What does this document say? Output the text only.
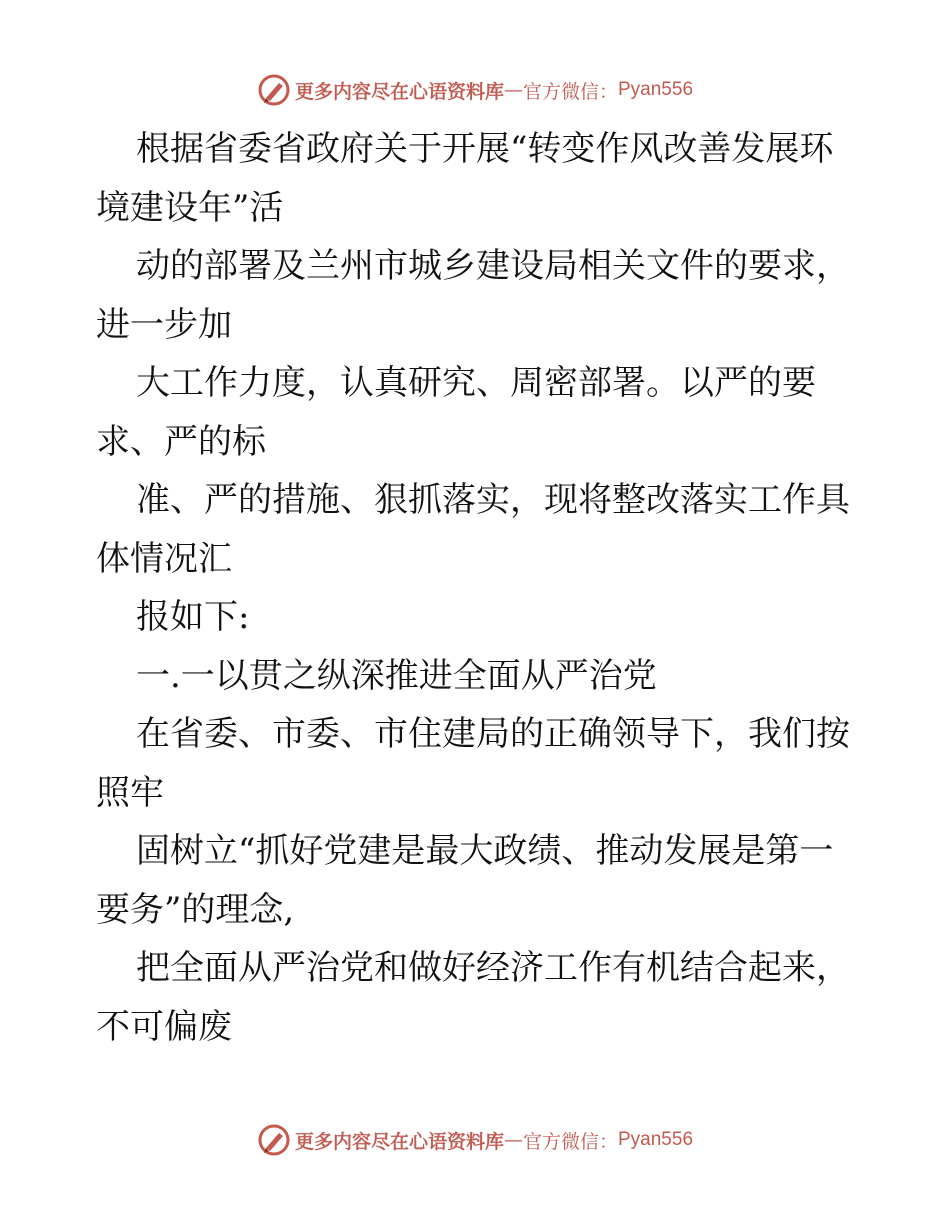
更多内容尽在心语资料库 — 官方微信： Pyan556
根据省委省政府关于开展“转变作风改善发展环
境建设年”活
动的部署及兰州市城乡建设局相关文件的要求，
进一步加
大工作力度，认真研究、周密部署。以严的要
求、严的标
准、严的措施、狠抓落实，现将整改落实工作具
体情况汇
报如下:
一.一以贯之纵深推进全面从严治党
在省委、市委、市住建局的正确领导下，我们按
照牢
固树立“抓好党建是最大政绩、推动发展是第一
要务”的理念,
把全面从严治党和做好经济工作有机结合起来，
不可偏废
更多内容尽在心语资料库 — 官方微信： Pyan556
